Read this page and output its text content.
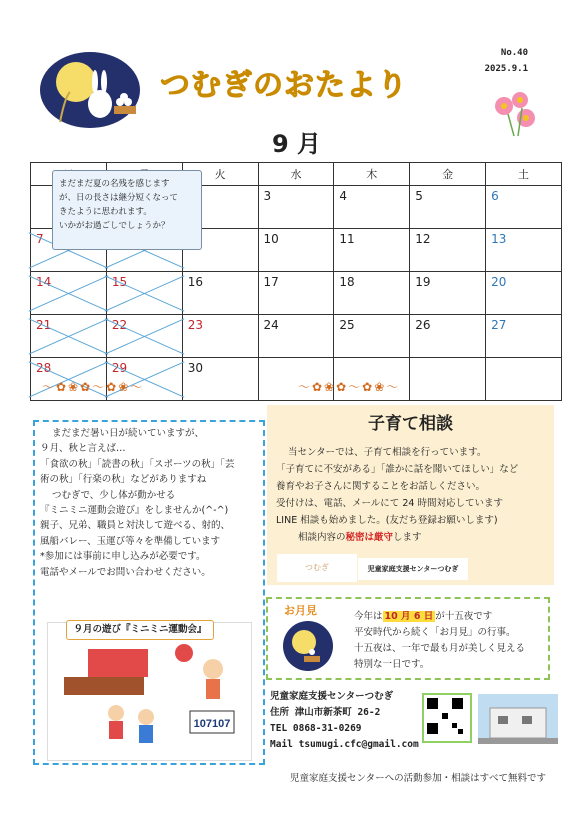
No.40
2025.9.1
つむぎのおたより
9 月
		火	水	木	金	土
			3	4	5	6
7			10	11	12	13
14	15	16	17	18	19	20
21	22	23	24	25	26	27
28	29	30				
まだまだ夏の名残を感じます
が、日の長さは継分短くなって
きたように思われます。
いかがお過ごしでしょうか？
〜✿❀✿〜✿❀〜	〜✿❀✿〜✿❀〜
まだまだ暑い日が続いていますが、
９月、秋と言えば…
「食欲の秋」「読書の秋」「スポーツの秋」「芸
術の秋」「行楽の秋」などがありますね
つむぎで、少し体が動かせる
『ミニミニ運動会遊び』をしませんか(^-^)
親子、兄弟、職員と対決して遊べる、射的、
風船バレー、玉運び等々を準備しています
*参加には事前に申し込みが必要です。
電話やメールでお問い合わせください。
107107
９月の遊び『ミニミニ運動会』
子育て相談
当センターでは、子育て相談を行っています。
「子育てに不安がある」「誰かに話を聞いてほしい」など
養育やお子さんに関することをお話しください。
受付けは、電話、メールにて 24 時間対応しています
LINE 相談も始めました。(友だち登録お願いします)
相談内容の秘密は厳守します
つむぎ	児童家庭支援センターつむぎ
お月見	今年は 10 月 6 日 が十五夜です
平安時代から続く「お月見」の行事。
十五夜は、一年で最も月が美しく見える
特別な一日です。
児童家庭支援センターつむぎ
住所 津山市新茶町 26-2
TEL 0868-31-0269
Mail tsumugi.cfc@gmail.com
児童家庭支援センターへの活動参加・相談はすべて無料です
